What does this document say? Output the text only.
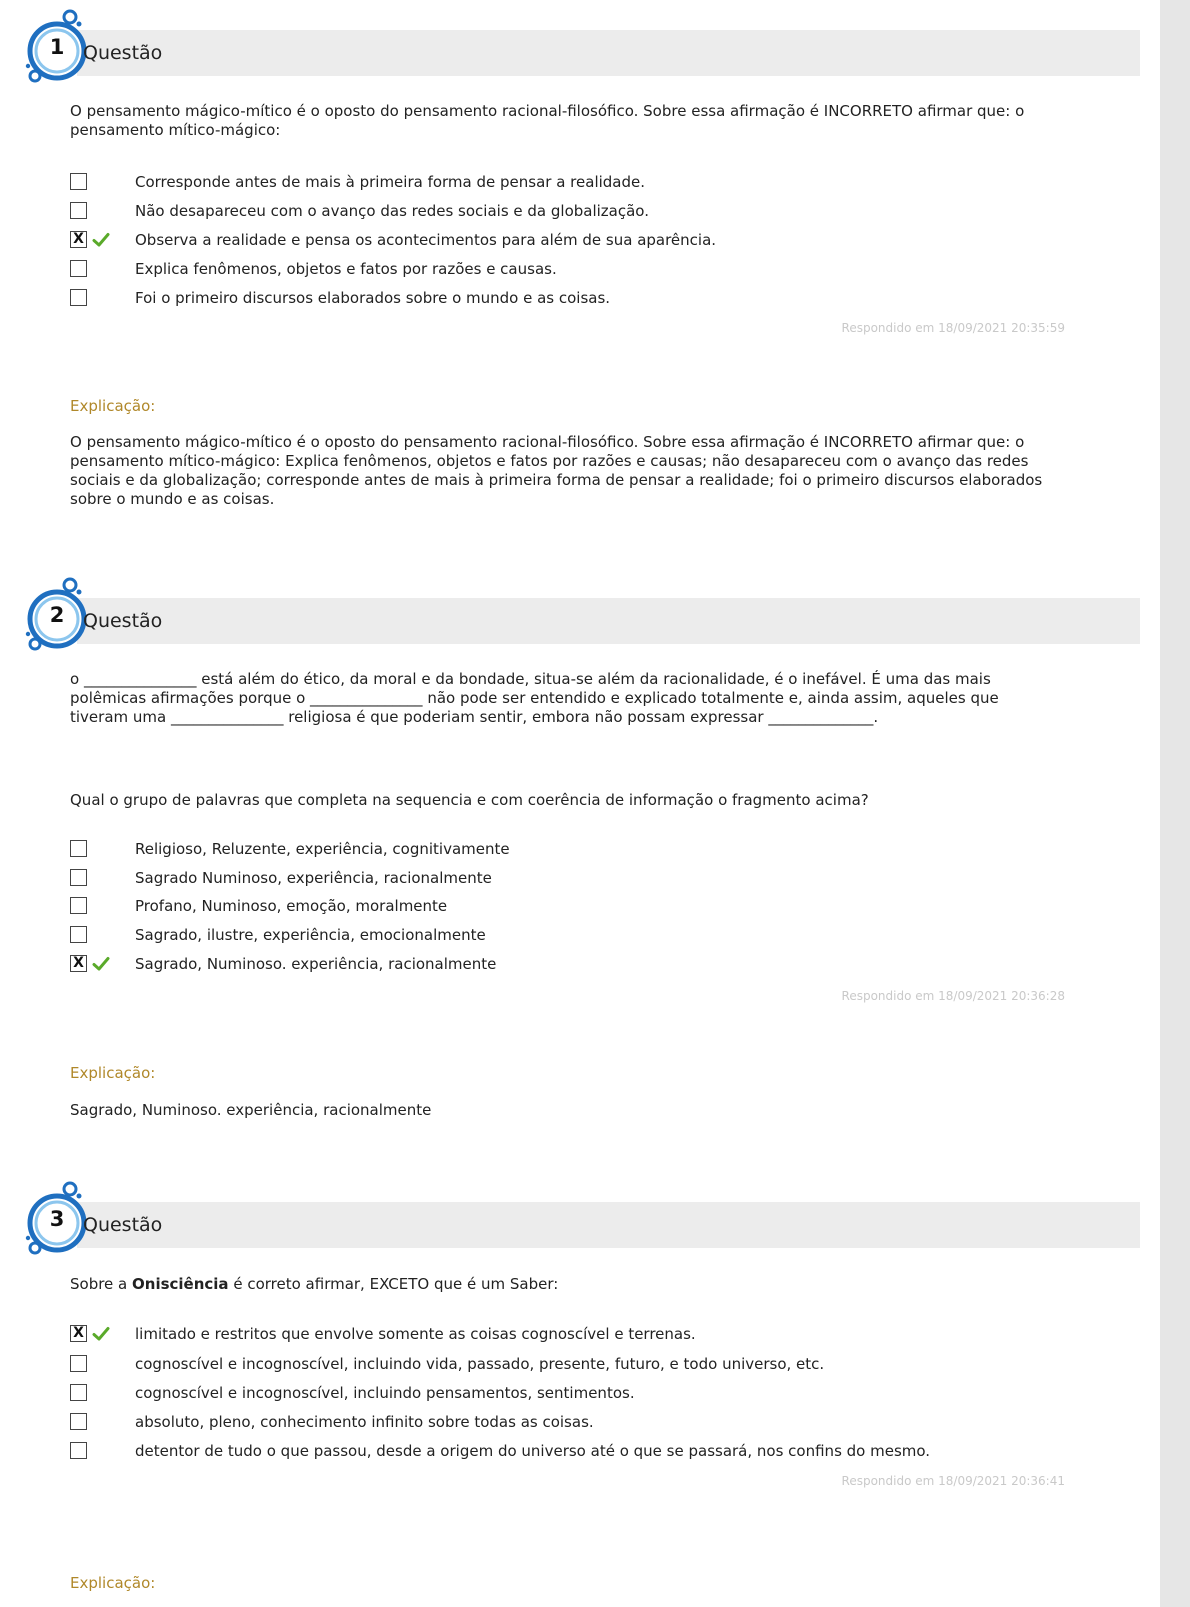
1 Questão
O pensamento mágico-mítico é o oposto do pensamento racional-filosófico. Sobre essa afirmação é INCORRETO afirmar que: o pensamento mítico-mágico:
Corresponde antes de mais à primeira forma de pensar a realidade.
Não desapareceu com o avanço das redes sociais e da globalização.
X	Observa a realidade e pensa os acontecimentos para além de sua aparência.
Explica fenômenos, objetos e fatos por razões e causas.
Foi o primeiro discursos elaborados sobre o mundo e as coisas.
Respondido em 18/09/2021 20:35:59
Explicação:
O pensamento mágico-mítico é o oposto do pensamento racional-filosófico. Sobre essa afirmação é INCORRETO afirmar que: o pensamento mítico-mágico: Explica fenômenos, objetos e fatos por razões e causas; não desapareceu com o avanço das redes sociais e da globalização; corresponde antes de mais à primeira forma de pensar a realidade; foi o primeiro discursos elaborados sobre o mundo e as coisas.
2 Questão
o _______________ está além do ético, da moral e da bondade, situa-se além da racionalidade, é o inefável. É uma das mais
polêmicas afirmações porque o _______________ não pode ser entendido e explicado totalmente e, ainda assim, aqueles que
tiveram uma _______________ religiosa é que poderiam sentir, embora não possam expressar ______________.
Qual o grupo de palavras que completa na sequencia e com coerência de informação o fragmento acima?
Religioso, Reluzente, experiência, cognitivamente
Sagrado Numinoso, experiência, racionalmente
Profano, Numinoso, emoção, moralmente
Sagrado, ilustre, experiência, emocionalmente
X	Sagrado, Numinoso. experiência, racionalmente
Respondido em 18/09/2021 20:36:28
Explicação:
Sagrado, Numinoso. experiência, racionalmente
3 Questão
Sobre a Onisciência é correto afirmar, EXCETO que é um Saber:
X	limitado e restritos que envolve somente as coisas cognoscível e terrenas.
cognoscível e incognoscível, incluindo vida, passado, presente, futuro, e todo universo, etc.
cognoscível e incognoscível, incluindo pensamentos, sentimentos.
absoluto, pleno, conhecimento infinito sobre todas as coisas.
detentor de tudo o que passou, desde a origem do universo até o que se passará, nos confins do mesmo.
Respondido em 18/09/2021 20:36:41
Explicação:
